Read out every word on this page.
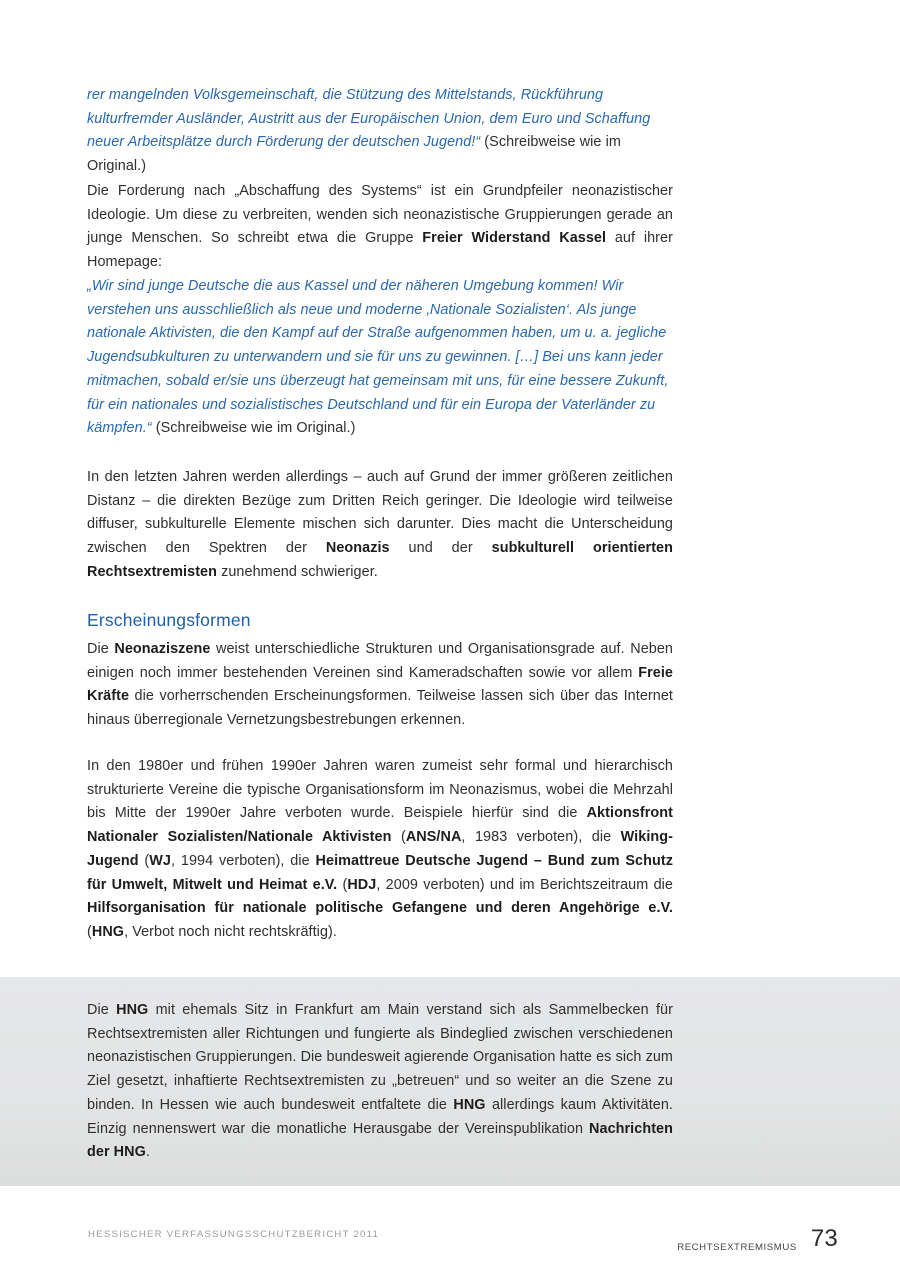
rer mangelnden Volksgemeinschaft, die Stützung des Mittelstands, Rückführung kulturfremder Ausländer, Austritt aus der Europäischen Union, dem Euro und Schaffung neuer Arbeitsplätze durch Förderung der deutschen Jugend!“ (Schreibweise wie im Original.)

Die Forderung nach „Abschaffung des Systems“ ist ein Grundpfeiler neonazistischer Ideologie. Um diese zu verbreiten, wenden sich neonazistische Gruppierungen gerade an junge Menschen. So schreibt etwa die Gruppe Freier Widerstand Kassel auf ihrer Homepage:

„Wir sind junge Deutsche die aus Kassel und der näheren Umgebung kommen! Wir verstehen uns ausschließlich als neue und moderne ‚Nationale Sozialisten‘. Als junge nationale Aktivisten, die den Kampf auf der Straße aufgenommen haben, um u. a. jegliche Jugendsubkulturen zu unterwandern und sie für uns zu gewinnen. […] Bei uns kann jeder mitmachen, sobald er/sie uns überzeugt hat gemeinsam mit uns, für eine bessere Zukunft, für ein nationales und sozialistisches Deutschland und für ein Europa der Vaterländer zu kämpfen.“ (Schreibweise wie im Original.)

In den letzten Jahren werden allerdings – auch auf Grund der immer größeren zeitlichen Distanz – die direkten Bezüge zum Dritten Reich geringer. Die Ideologie wird teilweise diffuser, subkulturelle Elemente mischen sich darunter. Dies macht die Unterscheidung zwischen den Spektren der Neonazis und der subkulturell orientierten Rechtsextremisten zunehmend schwieriger.

Erscheinungsformen

Die Neonaziszene weist unterschiedliche Strukturen und Organisationsgrade auf. Neben einigen noch immer bestehenden Vereinen sind Kameradschaften sowie vor allem Freie Kräfte die vorherrschenden Erscheinungsformen. Teilweise lassen sich über das Internet hinaus überregionale Vernetzungsbestrebungen erkennen.

In den 1980er und frühen 1990er Jahren waren zumeist sehr formal und hierarchisch strukturierte Vereine die typische Organisationsform im Neonazismus, wobei die Mehrzahl bis Mitte der 1990er Jahre verboten wurde. Beispiele hierfür sind die Aktionsfront Nationaler Sozialisten/Nationale Aktivisten (ANS/NA, 1983 verboten), die Wiking-Jugend (WJ, 1994 verboten), die Heimattreue Deutsche Jugend – Bund zum Schutz für Umwelt, Mitwelt und Heimat e.V. (HDJ, 2009 verboten) und im Berichtszeitraum die Hilfsorganisation für nationale politische Gefangene und deren Angehörige e.V. (HNG, Verbot noch nicht rechtskräftig).

Die HNG mit ehemals Sitz in Frankfurt am Main verstand sich als Sammelbecken für Rechtsextremisten aller Richtungen und fungierte als Bindeglied zwischen verschiedenen neonazistischen Gruppierungen. Die bundesweit agierende Organisation hatte es sich zum Ziel gesetzt, inhaftierte Rechtsextremisten zu „betreuen“ und so weiter an die Szene zu binden. In Hessen wie auch bundesweit entfaltete die HNG allerdings kaum Aktivitäten. Einzig nennenswert war die monatliche Herausgabe der Vereinspublikation Nachrichten der HNG.

HESSISCHER VERFASSUNGSSCHUTZBERICHT 2011
RECHTSEXTREMISMUS 73
